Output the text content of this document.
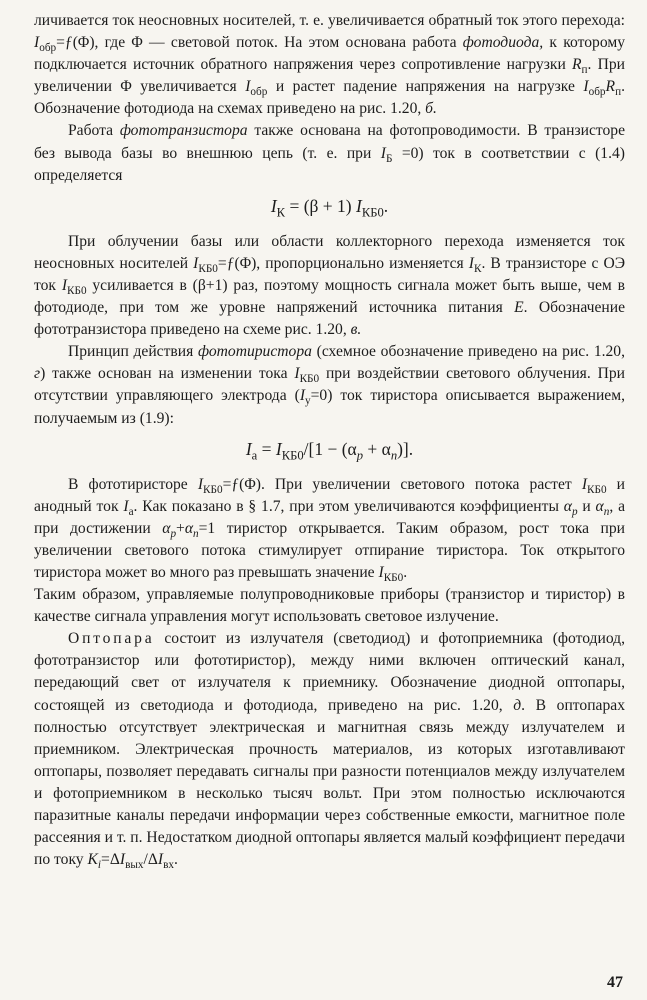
личивается ток неосновных носителей, т. е. увеличивается обратный ток этого перехода: $I_{обр}=ƒ(\Phi)$, где Φ — световой поток. На этом основана работа фотодиода, к которому подключается источник обратного напряжения через сопротивление нагрузки $R_п$. При увеличении Φ увеличивается $I_{обр}$ и растет падение напряжения на нагрузке $I_{обр}R_п$. Обозначение фотодиода на схемах приведено на рис. 1.20, б.

Работа фототранзистора также основана на фотопроводимости. В транзисторе без вывода базы во внешнюю цепь (т. е. при $I_Б =0$) ток в соответствии с (1.4) определяется

$I_К = (\beta + 1)$ $I_{КБ0}$.

При облучении базы или области коллекторного перехода изменяется ток неосновных носителей $I_{КБ0}=ƒ(\Phi)$, пропорционально изменяется $I_К$. В транзисторе с ОЭ ток $I_{КБ0}$ усиливается в (β+1) раз, поэтому мощность сигнала может быть выше, чем в фотодиоде, при том же уровне напряжений источника питания E. Обозначение фототранзистора приведено на схеме рис. 1.20, в.

Принцип действия фототиристора (схемное обозначение приведено на рис. 1.20, г) также основан на изменении тока $I_{КБ0}$ при воздействии светового облучения. При отсутствии управляющего электрода $(I_у=0)$ ток тиристора описывается выражением, получаемым из (1.9):

$I_а = I_{КБ0}/[1 - (\alpha_p + \alpha_n)]$.

В фототиристоре $I_{КБ0}=ƒ(\Phi)$. При увеличении светового потока растет $I_{КБ0}$ и анодный ток $I_а$. Как показано в § 1.7, при этом увеличиваются коэффициенты $\alpha_p$ и $\alpha_n$, а при достижении $\alpha_p+\alpha_n=1$ тиристор открывается. Таким образом, рост тока при увеличении светового потока стимулирует отпирание тиристора. Ток открытого тиристора может во много раз превышать значение $I_{КБ0}$.

Таким образом, управляемые полупроводниковые приборы (транзистор и тиристор) в качестве сигнала управления могут использовать световое излучение.

Оптопара состоит из излучателя (светодиод) и фотоприемника (фотодиод, фототранзистор или фототиристор), между ними включен оптический канал, передающий свет от излучателя к приемнику. Обозначение диодной оптопары, состоящей из светодиода и фотодиода, приведено на рис. 1.20, д. В оптопарах полностью отсутствует электрическая и магнитная связь между излучателем и приемником. Электрическая прочность материалов, из которых изготавливают оптопары, позволяет передавать сигналы при разности потенциалов между излучателем и фотоприемником в несколько тысяч вольт. При этом полностью исключаются паразитные каналы передачи информации через собственные емкости, магнитное поле рассеяния и т. п. Недостатком диодной оптопары является малый коэффициент передачи по току $K_i=\Delta I_{вых}/\Delta I_{вх}$.

47
